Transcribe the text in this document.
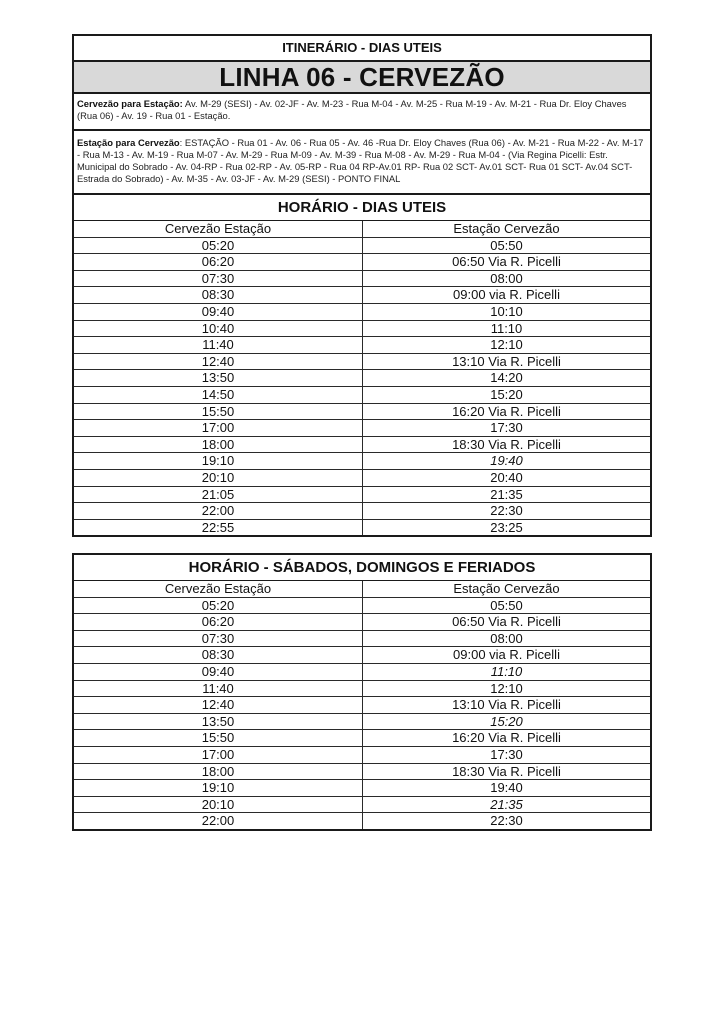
ITINERÁRIO - DIAS UTEIS
LINHA 06 - CERVEZÃO
Cervezão para Estação: Av. M-29 (SESI) - Av. 02-JF - Av. M-23 - Rua M-04 - Av. M-25 - Rua M-19 - Av. M-21 - Rua Dr. Eloy Chaves (Rua 06) - Av. 19 - Rua 01 - Estação.
Estação para Cervezão: ESTAÇÃO - Rua 01 - Av. 06 - Rua 05 - Av. 46 -Rua Dr. Eloy Chaves (Rua 06) - Av. M-21 - Rua M-22 - Av. M-17 - Rua M-13 - Av. M-19 - Rua M-07 - Av. M-29 - Rua M-09 - Av. M-39 - Rua M-08 - Av. M-29 - Rua M-04 - (Via Regina Picelli: Estr. Municipal do Sobrado - Av. 04-RP - Rua 02-RP - Av. 05-RP - Rua 04 RP-Av.01 RP- Rua 02 SCT- Av.01 SCT- Rua 01 SCT- Av.04 SCT- Estrada do Sobrado) - Av. M-35 - Av. 03-JF - Av. M-29 (SESI) - PONTO FINAL
HORÁRIO - DIAS UTEIS
Cervezão Estação	Estação Cervezão
05:20	05:50
06:20	06:50 Via R. Picelli
07:30	08:00
08:30	09:00 via R. Picelli
09:40	10:10
10:40	11:10
11:40	12:10
12:40	13:10 Via R. Picelli
13:50	14:20
14:50	15:20
15:50	16:20 Via R. Picelli
17:00	17:30
18:00	18:30 Via R. Picelli
19:10	19:40
20:10	20:40
21:05	21:35
22:00	22:30
22:55	23:25
HORÁRIO - SÁBADOS, DOMINGOS E FERIADOS
Cervezão Estação	Estação Cervezão
05:20	05:50
06:20	06:50 Via R. Picelli
07:30	08:00
08:30	09:00 via R. Picelli
09:40	11:10
11:40	12:10
12:40	13:10 Via R. Picelli
13:50	15:20
15:50	16:20 Via R. Picelli
17:00	17:30
18:00	18:30 Via R. Picelli
19:10	19:40
20:10	21:35
22:00	22:30
